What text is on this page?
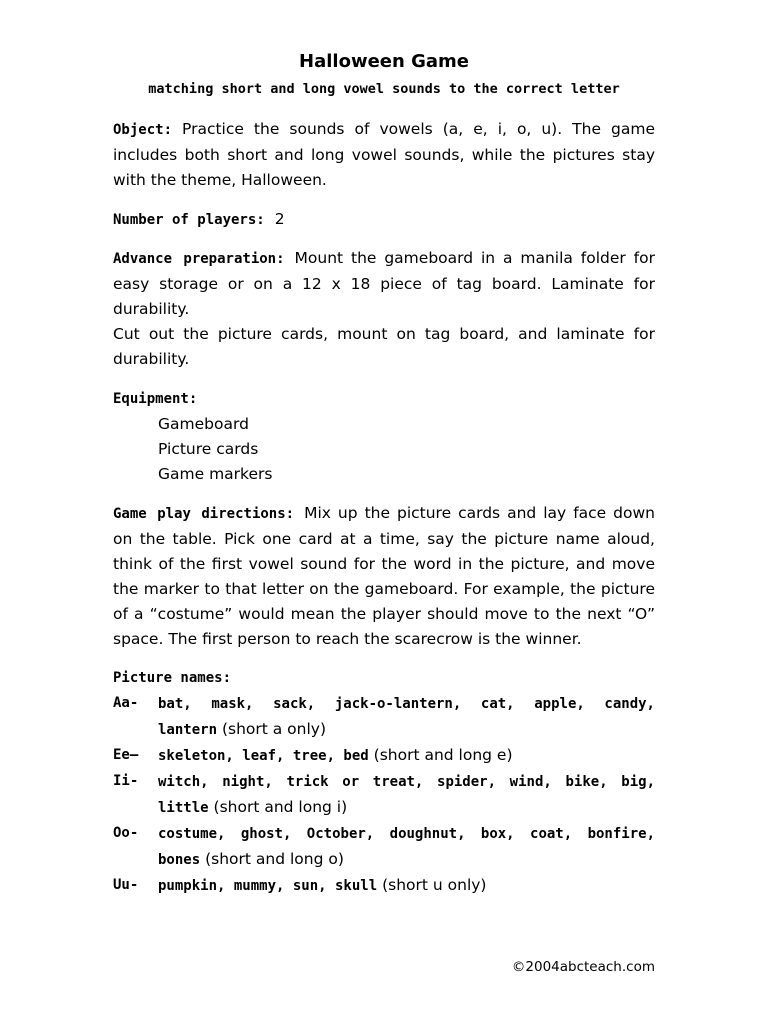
Halloween Game
matching short and long vowel sounds to the correct letter

Object: Practice the sounds of vowels (a, e, i, o, u). The game includes both short and long vowel sounds, while the pictures stay with the theme, Halloween.

Number of players: 2

Advance preparation: Mount the gameboard in a manila folder for easy storage or on a 12 x 18 piece of tag board. Laminate for durability.
Cut out the picture cards, mount on tag board, and laminate for durability.

Equipment:
Gameboard
Picture cards
Game markers

Game play directions: Mix up the picture cards and lay face down on the table. Pick one card at a time, say the picture name aloud, think of the first vowel sound for the word in the picture, and move the marker to that letter on the gameboard. For example, the picture of a “costume” would mean the player should move to the next “O” space. The first person to reach the scarecrow is the winner.

Picture names:
Aa-	bat, mask, sack, jack-o-lantern, cat, apple, candy, lantern (short a only)
Ee–	skeleton, leaf, tree, bed (short and long e)
Ii-	witch, night, trick or treat, spider, wind, bike, big, little (short and long i)
Oo-	costume, ghost, October, doughnut, box, coat, bonfire, bones (short and long o)
Uu-	pumpkin, mummy, sun, skull (short u only)
©2004abcteach.com
